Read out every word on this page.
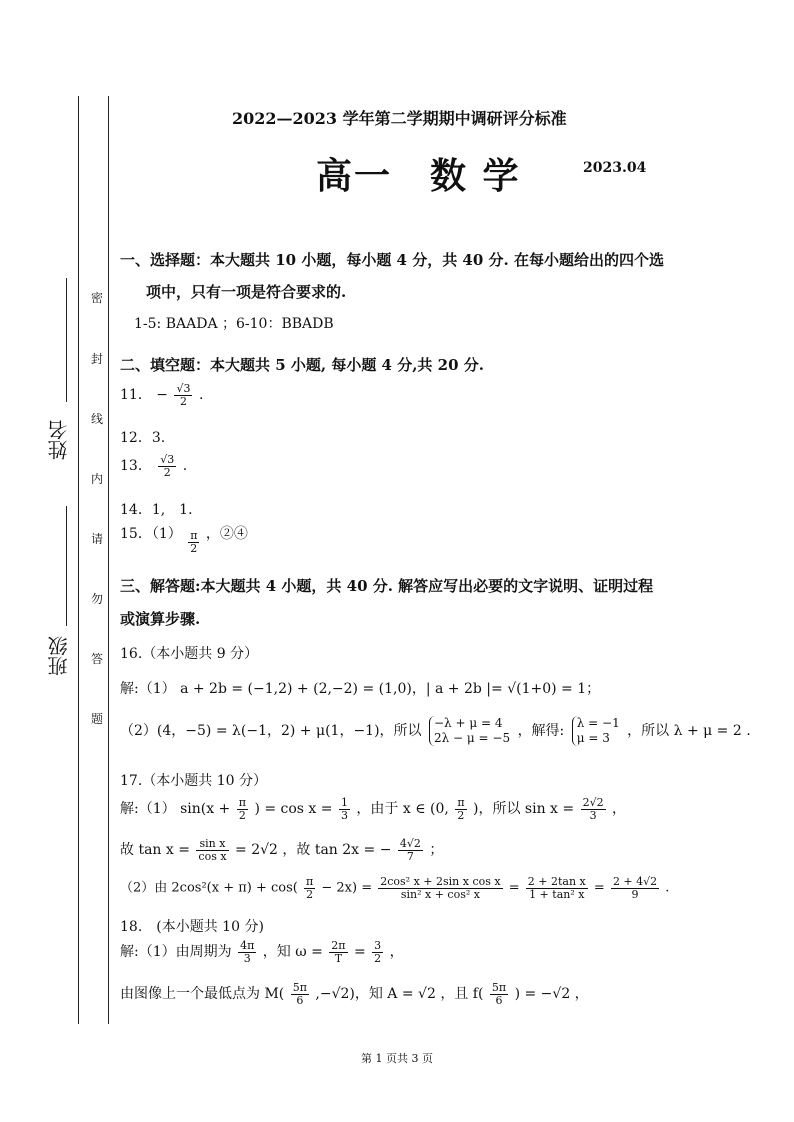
密
封
线
内
请
勿
答
题
姓名
班级
2022—2023 学年第二学期期中调研评分标准
高一　数 学	2023.04
一、选择题：本大题共 10 小题，每小题 4 分，共 40 分. 在每小题给出的四个选
项中，只有一项是符合要求的.
1-5: BAADA ；6-10：BBADB
二、填空题：本大题共 5 小题, 每小题 4 分,共 20 分.
11． − $\frac{√3}{2}$ .
12．3.
13． $\frac{√3}{2}$ .
14．1,　1.
15．$(1) \frac{\pi}{2}$ ，②④
三、解答题:本大题共 4 小题，共 40 分. 解答应写出必要的文字说明、证明过程
或演算步骤.
16.（本小题共 9 分）
解:（1） a + 2b = (−1,2) + (2,−2) = (1,0)，| a + 2b |= √(1+0) = 1；
（2）(4，−5) = λ(−1，2) + μ(1，−1)，所以 −λ + μ = 4
2λ − μ = −5 ，解得: λ = −1
μ = 3	，所以 λ + μ = 2 .
17.（本小题共 10 分）
解:（1） $\sin(x + \frac{\pi}{2}$ ) = $\cos x = \frac{1}{3}$ ，由于 x ∈ (0, $\frac{\pi}{2}$ )，所以 $\sin x = \frac{2√2}{3}$ ，
故 $\tan x = \frac{\text{sin x}}{\text{cos x}} = 2√2$ ，故 tan 2x = − $\frac{4√2}{7}$ ；
（2）由 $2\cos^2(x + \pi) + \cos( \frac{\pi}{2} - 2x) = \frac{\text{2cos² x + 2sin x cos x}}{\text{sin² x + cos² x}} = \frac{\text{2 + 2tan x}}{\text{1 + tan² x}} = \frac{2 + 4√2}{9}$ .
18.　(本小题共 10 分)
解:（1）由周期为 $\frac{4\pi}{3}$ ，知 $\omega = \frac{2\pi}{T} = \frac{3}{2}$ ，
由图像上一个最低点为 $M( \frac{5\pi}{6} ,-√2)$，知 A = √2 ，且 $f( \frac{5\pi}{6}$ ) = −√2 ，
第 1 页共 3 页
